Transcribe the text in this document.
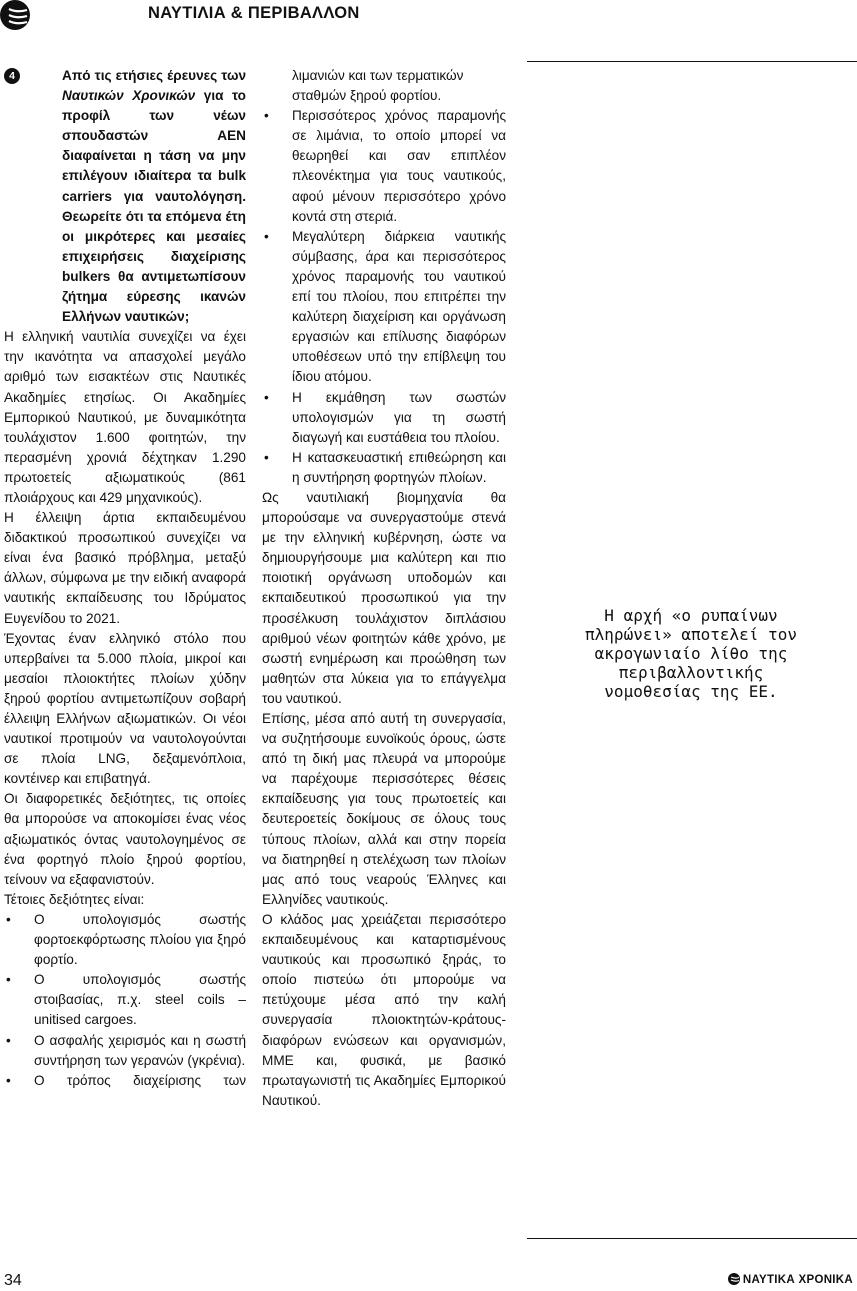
ΝΑΥΤΙΛΙΑ & ΠΕΡΙΒΑΛΛΟΝ
4	Από τις ετήσιες έρευνες των Ναυτικών Χρονικών για το προφίλ των νέων σπουδαστών ΑΕΝ διαφαίνεται η τάση να μην επιλέγουν ιδιαίτερα τα bulk carriers για ναυτολόγηση. Θεωρείτε ότι τα επόμενα έτη οι μικρότερες και μεσαίες επιχειρήσεις διαχείρισης bulkers θα αντιμετωπίσουν ζήτημα εύρεσης ικανών Ελλήνων ναυτικών;

Η ελληνική ναυτιλία συνεχίζει να έχει την ικανότητα να απασχολεί μεγάλο αριθμό των εισακτέων στις Ναυτικές Ακαδημίες ετησίως. Οι Ακαδημίες Εμπορικού Ναυτικού, με δυναμικότητα τουλάχιστον 1.600 φοιτητών, την περασμένη χρονιά δέχτηκαν 1.290 πρωτοετείς αξιωματικούς (861 πλοιάρχους και 429 μηχανικούς).

Η έλλειψη άρτια εκπαιδευμένου διδακτικού προσωπικού συνεχίζει να είναι ένα βασικό πρόβλημα, μεταξύ άλλων, σύμφωνα με την ειδική αναφορά ναυτικής εκπαίδευσης του Ιδρύματος Ευγενίδου το 2021.

Έχοντας έναν ελληνικό στόλο που υπερβαίνει τα 5.000 πλοία, μικροί και μεσαίοι πλοιοκτήτες πλοίων χύδην ξηρού φορτίου αντιμετωπίζουν σοβαρή έλλειψη Ελλήνων αξιωματικών. Οι νέοι ναυτικοί προτιμούν να ναυτολογούνται σε πλοία LNG, δεξαμενόπλοια, κοντέινερ και επιβατηγά.

Οι διαφορετικές δεξιότητες, τις οποίες θα μπορούσε να αποκομίσει ένας νέος αξιωματικός όντας ναυτολογημένος σε ένα φορτηγό πλοίο ξηρού φορτίου, τείνουν να εξαφανιστούν.

Τέτοιες δεξιότητες είναι:

• Ο υπολογισμός σωστής φορτοεκφόρτωσης πλοίου για ξηρό φορτίο.
• Ο υπολογισμός σωστής στοιβασίας, π.χ. steel coils – unitised cargoes.
• Ο ασφαλής χειρισμός και η σωστή συντήρηση των γερανών (γκρένια).
• Ο τρόπος διαχείρισης των

λιμανιών και των τερματικών σταθμών ξηρού φορτίου.

• Περισσότερος χρόνος παραμονής σε λιμάνια, το οποίο μπορεί να θεωρηθεί και σαν επιπλέον πλεονέκτημα για τους ναυτικούς, αφού μένουν περισσότερο χρόνο κοντά στη στεριά.
• Μεγαλύτερη διάρκεια ναυτικής σύμβασης, άρα και περισσότερος χρόνος παραμονής του ναυτικού επί του πλοίου, που επιτρέπει την καλύτερη διαχείριση και οργάνωση εργασιών και επίλυσης διαφόρων υποθέσεων υπό την επίβλεψη του ίδιου ατόμου.
• Η εκμάθηση των σωστών υπολογισμών για τη σωστή διαγωγή και ευστάθεια του πλοίου.
• Η κατασκευαστική επιθεώρηση και η συντήρηση φορτηγών πλοίων.

Ως ναυτιλιακή βιομηχανία θα μπορούσαμε να συνεργαστούμε στενά με την ελληνική κυβέρνηση, ώστε να δημιουργήσουμε μια καλύτερη και πιο ποιοτική οργάνωση υποδομών και εκπαιδευτικού προσωπικού για την προσέλκυση τουλάχιστον διπλάσιου αριθμού νέων φοιτητών κάθε χρόνο, με σωστή ενημέρωση και προώθηση των μαθητών στα λύκεια για το επάγγελμα του ναυτικού.

Επίσης, μέσα από αυτή τη συνεργασία, να συζητήσουμε ευνοϊκούς όρους, ώστε από τη δική μας πλευρά να μπορούμε να παρέχουμε περισσότερες θέσεις εκπαίδευσης για τους πρωτοετείς και δευτεροετείς δοκίμους σε όλους τους τύπους πλοίων, αλλά και στην πορεία να διατηρηθεί η στελέχωση των πλοίων μας από τους νεαρούς Έλληνες και Ελληνίδες ναυτικούς.

Ο κλάδος μας χρειάζεται περισσότερο εκπαιδευμένους και καταρτισμένους ναυτικούς και προσωπικό ξηράς, το οποίο πιστεύω ότι μπορούμε να πετύχουμε μέσα από την καλή συνεργασία πλοιοκτητών-κράτους-διαφόρων ενώσεων και οργανισμών, ΜΜΕ και, φυσικά, με βασικό πρωταγωνιστή τις Ακαδημίες Εμπορικού Ναυτικού.

Η αρχή «ο ρυπαίνων πληρώνει» αποτελεί τον ακρογωνιαίο λίθο της περιβαλλοντικής νομοθεσίας της ΕΕ.
34	ΝΑΥΤΙΚΑ ΧΡΟΝΙΚΑ
